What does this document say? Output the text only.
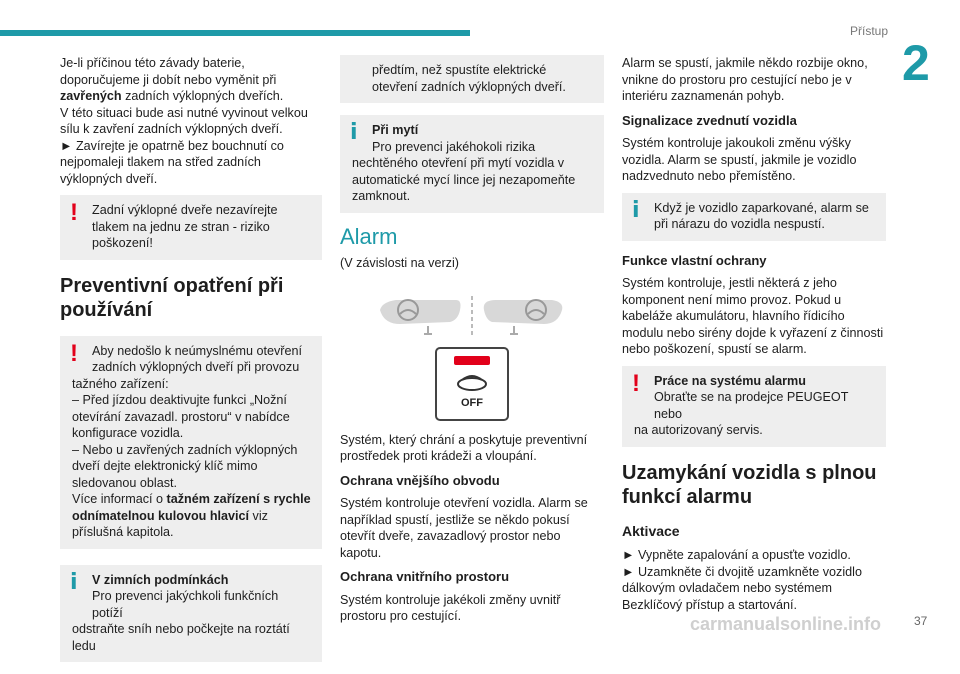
Přístup
2

Je-li příčinou této závady baterie, doporučujeme ji dobít nebo vyměnit při zavřených zadních výklopných dveřích.
V této situaci bude asi nutné vyvinout velkou sílu k zavření zadních výklopných dveří.
► Zavírejte je opatrně bez bouchnutí co nejpomaleji tlakem na střed zadních výklopných dveří.

!	Zadní výklopné dveře nezavírejte tlakem na jednu ze stran - riziko poškození!
Preventivní opatření při používání
!	Aby nedošlo k neúmyslnému otevření zadních výklopných dveří při provozu
tažného zařízení:
– Před jízdou deaktivujte funkci „Nožní otevírání zavazadl. prostoru“ v nabídce konfigurace vozidla.
– Nebo u zavřených zadních výklopných dveří dejte elektronický klíč mimo sledovanou oblast.
Více informací o tažném zařízení s rychle odnímatelnou kulovou hlavicí viz příslušná kapitola.
i	V zimních podmínkách
Pro prevenci jakýchkoli funkčních potíží
odstraňte sníh nebo počkejte na roztátí ledu
předtím, než spustíte elektrické otevření zadních výklopných dveří.
i	Při mytí
Pro prevenci jakéhokoli rizika
nechtěného otevření při mytí vozidla v automatické mycí lince jej nezapomeňte zamknout.
Alarm

(V závislosti na verzi)

OFF

Systém, který chrání a poskytuje preventivní prostředek proti krádeži a vloupání.

Ochrana vnějšího obvodu

Systém kontroluje otevření vozidla. Alarm se například spustí, jestliže se někdo pokusí otevřít dveře, zavazadlový prostor nebo kapotu.

Ochrana vnitřního prostoru

Systém kontroluje jakékoli změny uvnitř prostoru pro cestující.

Alarm se spustí, jakmile někdo rozbije okno, vnikne do prostoru pro cestující nebo je v interiéru zaznamenán pohyb.

Signalizace zvednutí vozidla

Systém kontroluje jakoukoli změnu výšky vozidla. Alarm se spustí, jakmile je vozidlo nadzvednuto nebo přemístěno.

i	Když je vozidlo zaparkované, alarm se při nárazu do vozidla nespustí.
Funkce vlastní ochrany

Systém kontroluje, jestli některá z jeho komponent není mimo provoz. Pokud u kabeláže akumulátoru, hlavního řídicího modulu nebo sirény dojde k vyřazení z činnosti nebo poškození, spustí se alarm.

!	Práce na systému alarmu
Obraťte se na prodejce PEUGEOT nebo
na autorizovaný servis.
Uzamykání vozidla s plnou funkcí alarmu
Aktivace

► Vypněte zapalování a opusťte vozidlo.

► Uzamkněte či dvojitě uzamkněte vozidlo dálkovým ovladačem nebo systémem Bezklíčový přístup a startování.

carmanualsonline.info	37
